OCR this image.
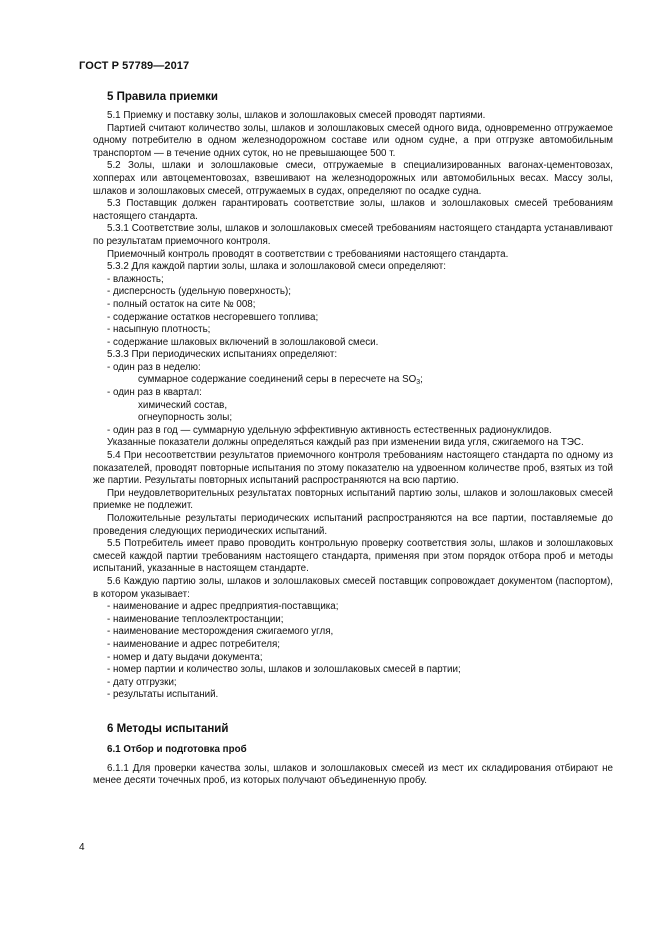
ГОСТ Р 57789—2017
5 Правила приемки

5.1 Приемку и поставку золы, шлаков и золошлаковых смесей проводят партиями.

Партией считают количество золы, шлаков и золошлаковых смесей одного вида, одновременно отгружаемое одному потребителю в одном железнодорожном составе или одном судне, а при отгрузке автомобильным транспортом — в течение одних суток, но не превышающее 500 т.

5.2 Золы, шлаки и золошлаковые смеси, отгружаемые в специализированных вагонах-цементовозах, хопперах или автоцементовозах, взвешивают на железнодорожных или автомобильных весах. Массу золы, шлаков и золошлаковых смесей, отгружаемых в судах, определяют по осадке судна.

5.3 Поставщик должен гарантировать соответствие золы, шлаков и золошлаковых смесей требованиям настоящего стандарта.

5.3.1 Соответствие золы, шлаков и золошлаковых смесей требованиям настоящего стандарта устанавливают по результатам приемочного контроля.

Приемочный контроль проводят в соответствии с требованиями настоящего стандарта.

5.3.2 Для каждой партии золы, шлака и золошлаковой смеси определяют:

- влажность;
- дисперсность (удельную поверхность);
- полный остаток на сите № 008;
- содержание остатков несгоревшего топлива;
- насыпную плотность;
- содержание шлаковых включений в золошлаковой смеси.

5.3.3 При периодических испытаниях определяют:

- один раз в неделю:
суммарное содержание соединений серы в пересчете на $SO_3$;
- один раз в квартал:
химический состав,
огнеупорность золы;
- один раз в год — суммарную удельную эффективную активность естественных радионуклидов.

Указанные показатели должны определяться каждый раз при изменении вида угля, сжигаемого на ТЭС.

5.4 При несоответствии результатов приемочного контроля требованиям настоящего стандарта по одному из показателей, проводят повторные испытания по этому показателю на удвоенном количестве проб, взятых из той же партии. Результаты повторных испытаний распространяются на всю партию.

При неудовлетворительных результатах повторных испытаний партию золы, шлаков и золошлаковых смесей приемке не подлежит.

Положительные результаты периодических испытаний распространяются на все партии, поставляемые до проведения следующих периодических испытаний.

5.5 Потребитель имеет право проводить контрольную проверку соответствия золы, шлаков и золошлаковых смесей каждой партии требованиям настоящего стандарта, применяя при этом порядок отбора проб и методы испытаний, указанные в настоящем стандарте.

5.6 Каждую партию золы, шлаков и золошлаковых смесей поставщик сопровождает документом (паспортом), в котором указывает:

- наименование и адрес предприятия-поставщика;
- наименование теплоэлектростанции;
- наименование месторождения сжигаемого угля,
- наименование и адрес потребителя;
- номер и дату выдачи документа;
- номер партии и количество золы, шлаков и золошлаковых смесей в партии;
- дату отгрузки;
- результаты испытаний.
6 Методы испытаний
6.1 Отбор и подготовка проб

6.1.1 Для проверки качества золы, шлаков и золошлаковых смесей из мест их складирования отбирают не менее десяти точечных проб, из которых получают объединенную пробу.

4
